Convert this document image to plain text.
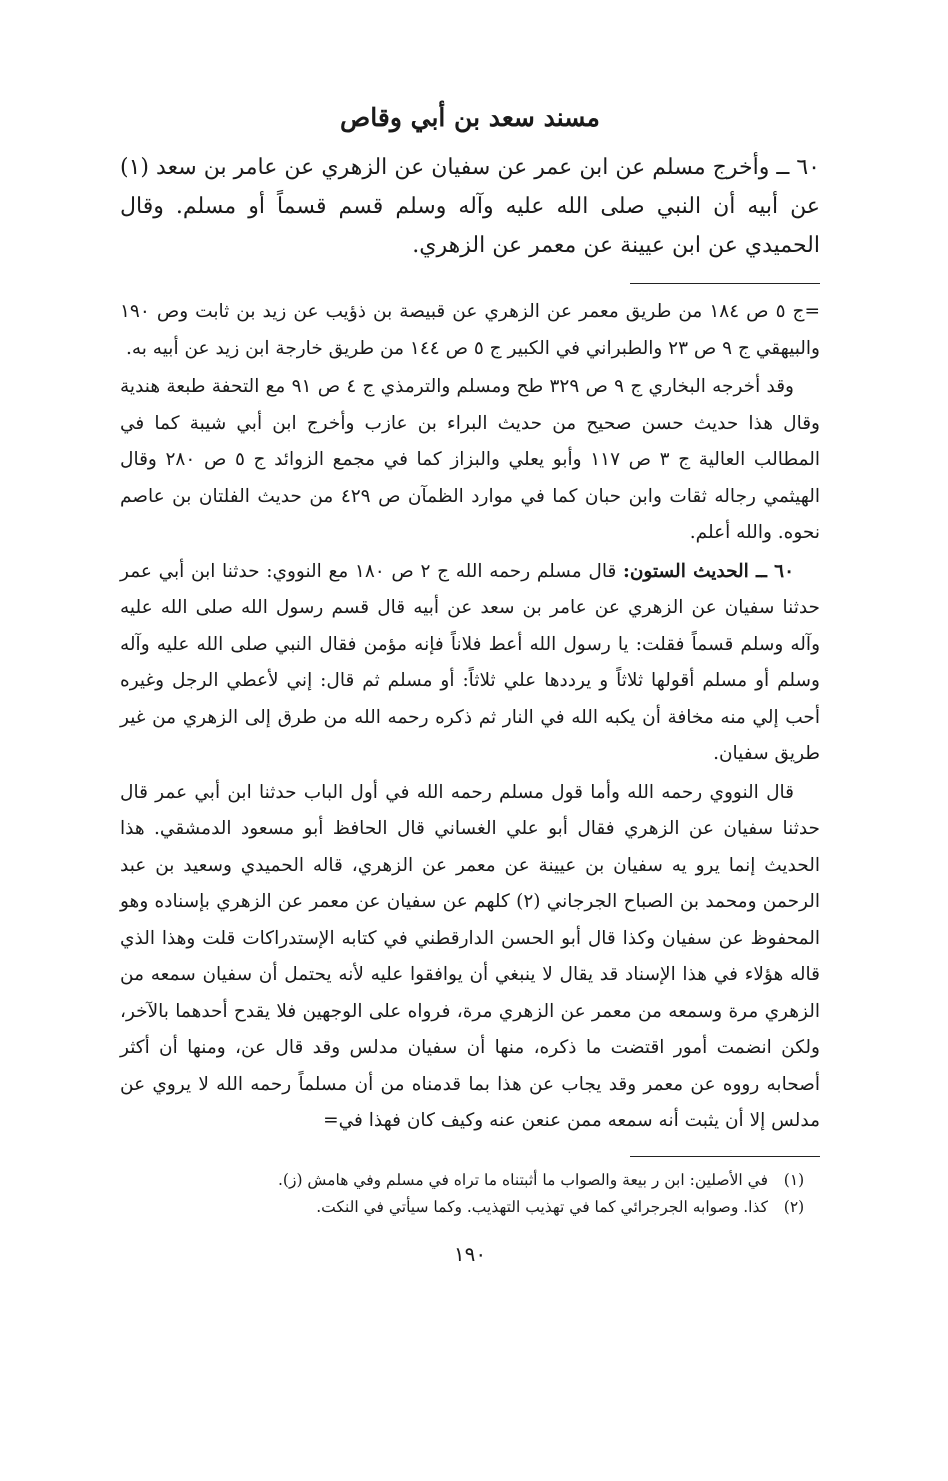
مسند سعد بن أبي وقاص

٦٠ ــ وأخرج مسلم عن ابن عمر عن سفيان عن الزهري عن عامر بن سعد (١) عن أبيه أن النبي صلى الله عليه وآله وسلم قسم قسماً أو مسلم. وقال الحميدي عن ابن عيينة عن معمر عن الزهري.

=ج ٥ ص ١٨٤ من طريق معمر عن الزهري عن قبيصة بن ذؤيب عن زيد بن ثابت وص ١٩٠ والبيهقي ج ٩ ص ٢٣ والطبراني في الكبير ج ٥ ص ١٤٤ من طريق خارجة ابن زيد عن أبيه به.

وقد أخرجه البخاري ج ٩ ص ٣٢٩ طح ومسلم والترمذي ج ٤ ص ٩١ مع التحفة طبعة هندية وقال هذا حديث حسن صحيح من حديث البراء بن عازب وأخرج ابن أبي شيبة كما في المطالب العالية ج ٣ ص ١١٧ وأبو يعلي والبزاز كما في مجمع الزوائد ج ٥ ص ٢٨٠ وقال الهيثمي رجاله ثقات وابن حبان كما في موارد الظمآن ص ٤٢٩ من حديث الفلتان بن عاصم نحوه. والله أعلم.

٦٠ ــ الحديث الستون: قال مسلم رحمه الله ج ٢ ص ١٨٠ مع النووي: حدثنا ابن أبي عمر حدثنا سفيان عن الزهري عن عامر بن سعد عن أبيه قال قسم رسول الله صلى الله عليه وآله وسلم قسماً فقلت: يا رسول الله أعط فلاناً فإنه مؤمن فقال النبي صلى الله عليه وآله وسلم أو مسلم أقولها ثلاثاً و يرددها علي ثلاثاً: أو مسلم ثم قال: إني لأعطي الرجل وغيره أحب إلي منه مخافة أن يكبه الله في النار ثم ذكره رحمه الله من طرق إلى الزهري من غير طريق سفيان.

قال النووي رحمه الله وأما قول مسلم رحمه الله في أول الباب حدثنا ابن أبي عمر قال حدثنا سفيان عن الزهري فقال أبو علي الغساني قال الحافظ أبو مسعود الدمشقي. هذا الحديث إنما يرو يه سفيان بن عيينة عن معمر عن الزهري، قاله الحميدي وسعيد بن عبد الرحمن ومحمد بن الصباح الجرجاني (٢) كلهم عن سفيان عن معمر عن الزهري بإسناده وهو المحفوظ عن سفيان وكذا قال أبو الحسن الدارقطني في كتابه الإستدراكات قلت وهذا الذي قاله هؤلاء في هذا الإسناد قد يقال لا ينبغي أن يوافقوا عليه لأنه يحتمل أن سفيان سمعه من الزهري مرة وسمعه من معمر عن الزهري مرة، فرواه على الوجهين فلا يقدح أحدهما بالآخر، ولكن انضمت أمور اقتضت ما ذكره، منها أن سفيان مدلس وقد قال عن، ومنها أن أكثر أصحابه رووه عن معمر وقد يجاب عن هذا بما قدمناه من أن مسلماً رحمه الله لا يروي عن مدلس إلا أن يثبت أنه سمعه ممن عنعن عنه وكيف كان فهذا في=

(١)
في الأصلين: ابن ر بيعة والصواب ما أثبتناه ما تراه في مسلم وفي هامش (ز).
(٢)
كذا. وصوابه الجرجرائي كما في تهذيب التهذيب. وكما سيأتي في النكت.
١٩٠
